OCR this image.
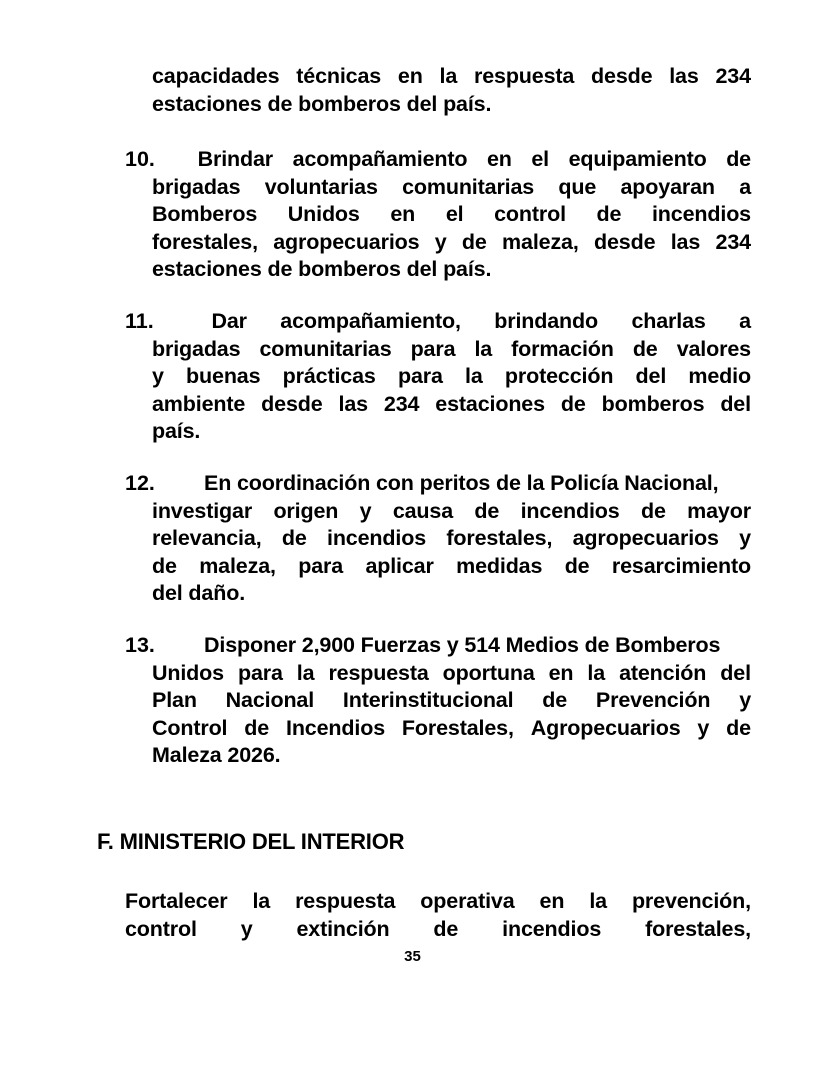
capacidades técnicas en la respuesta desde las 234
estaciones de bomberos del país.
10.	Brindar acompañamiento en el equipamiento de
brigadas voluntarias comunitarias que apoyaran a
Bomberos Unidos en el control de incendios
forestales, agropecuarios y de maleza, desde las 234
estaciones de bomberos del país.
11.	Dar	acompañamiento,	brindando	charlas	a
brigadas comunitarias para la formación de valores
y buenas prácticas para la protección del medio
ambiente desde las 234 estaciones de bomberos del
país.
12.	En coordinación con peritos de la Policía Nacional,
investigar origen y causa de incendios de mayor
relevancia, de incendios forestales, agropecuarios y
de maleza, para aplicar medidas de resarcimiento
del daño.
13.	Disponer 2,900 Fuerzas y 514 Medios de Bomberos
Unidos para la respuesta oportuna en la atención del
Plan Nacional Interinstitucional de Prevención y
Control de Incendios Forestales, Agropecuarios y de
Maleza 2026.
F. MINISTERIO DEL INTERIOR
Fortalecer la respuesta operativa en la prevención,
control y extinción de incendios forestales,
35
